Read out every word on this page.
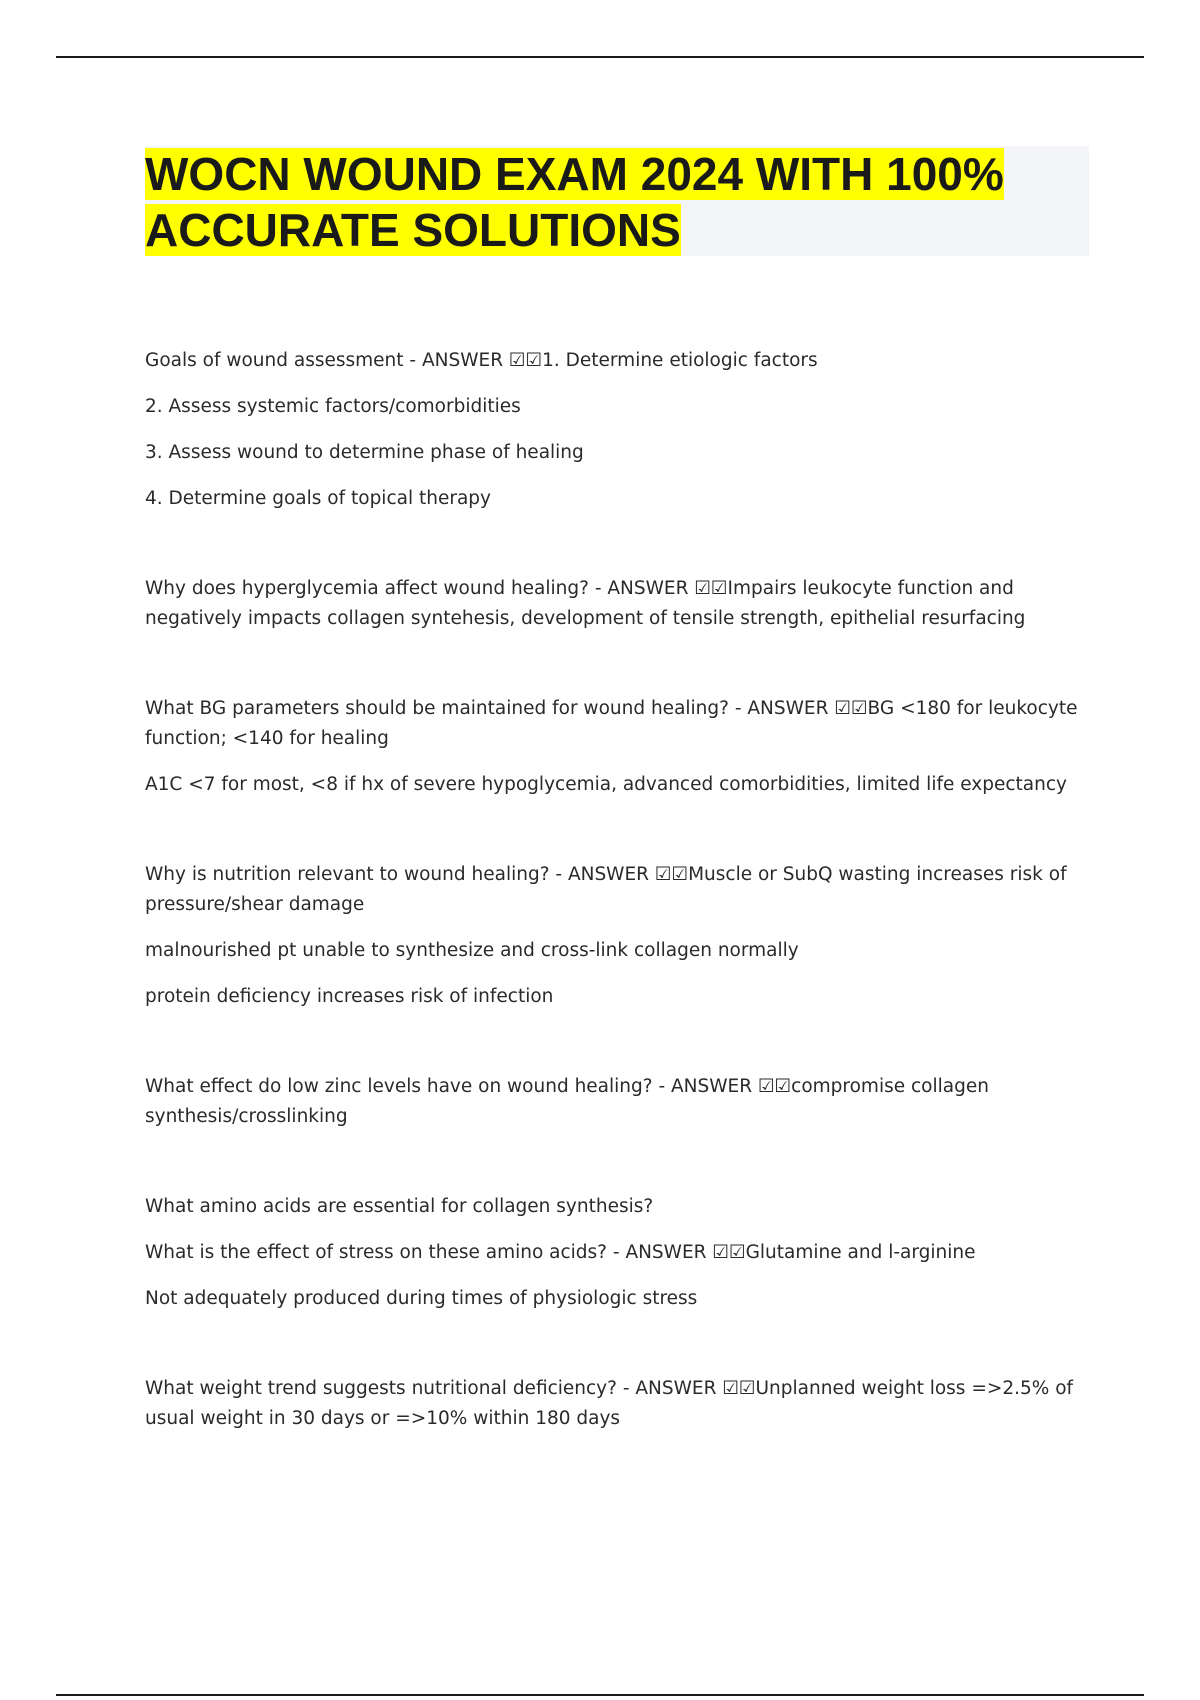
WOCN WOUND EXAM 2024 WITH 100%
ACCURATE SOLUTIONS

Goals of wound assessment - ANSWER ☑☑1. Determine etiologic factors

2. Assess systemic factors/comorbidities

3. Assess wound to determine phase of healing

4. Determine goals of topical therapy

Why does hyperglycemia affect wound healing? - ANSWER ☑☑Impairs leukocyte function and negatively impacts collagen syntehesis, development of tensile strength, epithelial resurfacing

What BG parameters should be maintained for wound healing? - ANSWER ☑☑BG <180 for leukocyte function; <140 for healing

A1C <7 for most, <8 if hx of severe hypoglycemia, advanced comorbidities, limited life expectancy

Why is nutrition relevant to wound healing? - ANSWER ☑☑Muscle or SubQ wasting increases risk of pressure/shear damage

malnourished pt unable to synthesize and cross-link collagen normally

protein deficiency increases risk of infection

What effect do low zinc levels have on wound healing? - ANSWER ☑☑compromise collagen synthesis/crosslinking

What amino acids are essential for collagen synthesis?

What is the effect of stress on these amino acids? - ANSWER ☑☑Glutamine and l-arginine

Not adequately produced during times of physiologic stress

What weight trend suggests nutritional deficiency? - ANSWER ☑☑Unplanned weight loss =>2.5% of usual weight in 30 days or =>10% within 180 days
